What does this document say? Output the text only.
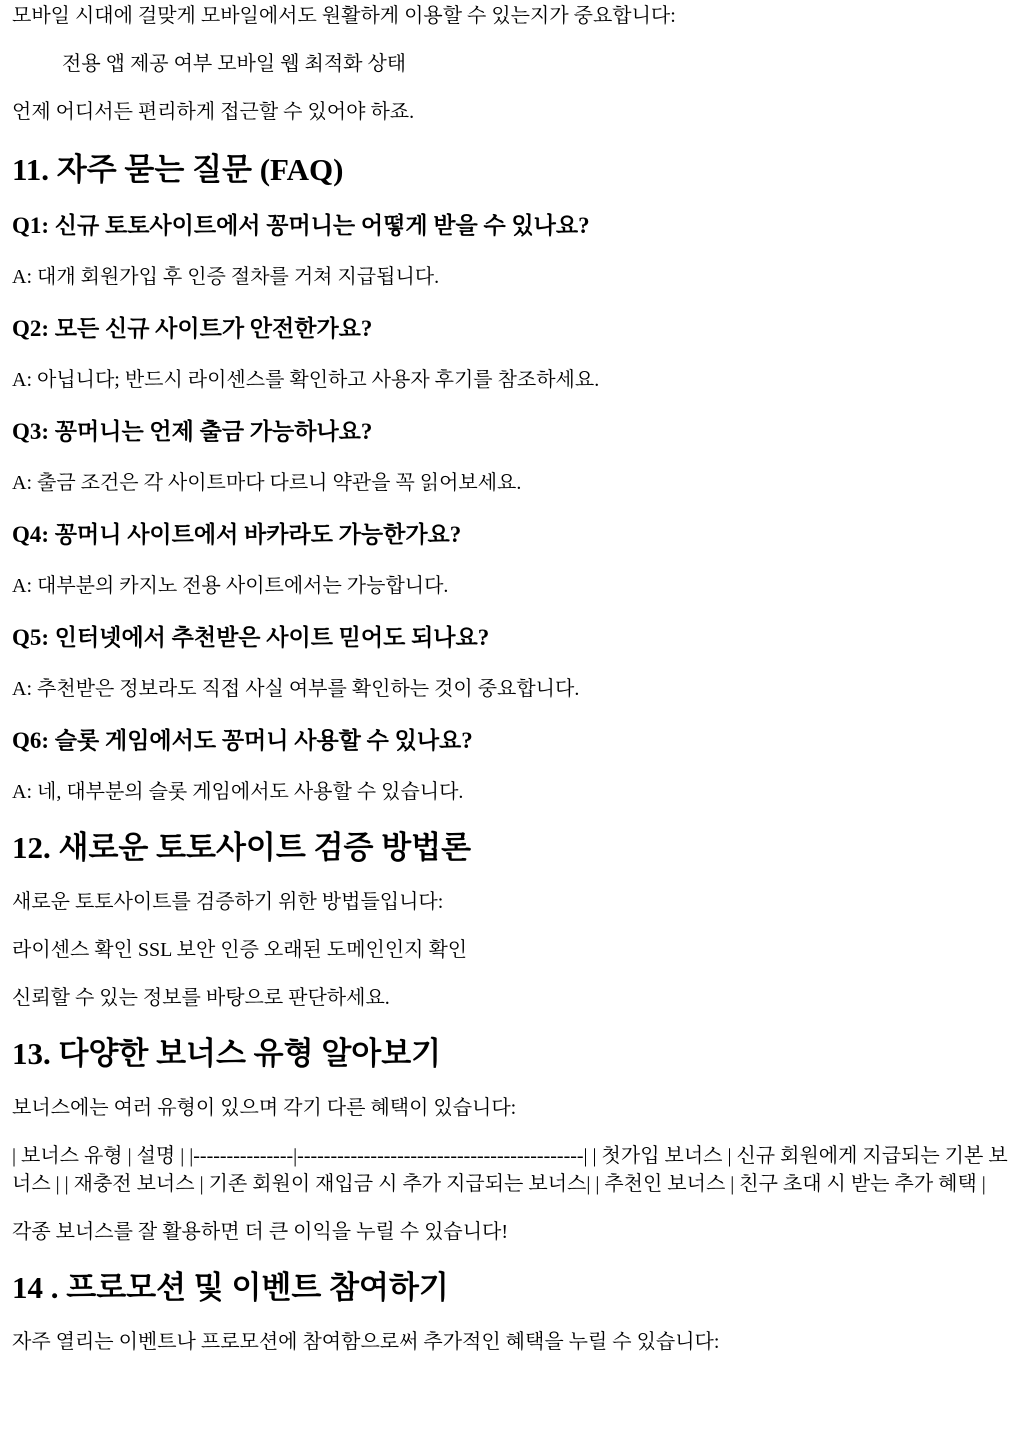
모바일 시대에 걸맞게 모바일에서도 원활하게 이용할 수 있는지가 중요합니다:

전용 앱 제공 여부 모바일 웹 최적화 상태

언제 어디서든 편리하게 접근할 수 있어야 하죠.

11. 자주 묻는 질문 (FAQ)
Q1: 신규 토토사이트에서 꽁머니는 어떻게 받을 수 있나요?

A: 대개 회원가입 후 인증 절차를 거쳐 지급됩니다.

Q2: 모든 신규 사이트가 안전한가요?

A: 아닙니다; 반드시 라이센스를 확인하고 사용자 후기를 참조하세요.

Q3: 꽁머니는 언제 출금 가능하나요?

A: 출금 조건은 각 사이트마다 다르니 약관을 꼭 읽어보세요.

Q4: 꽁머니 사이트에서 바카라도 가능한가요?

A: 대부분의 카지노 전용 사이트에서는 가능합니다.

Q5: 인터넷에서 추천받은 사이트 믿어도 되나요?

A: 추천받은 정보라도 직접 사실 여부를 확인하는 것이 중요합니다.

Q6: 슬롯 게임에서도 꽁머니 사용할 수 있나요?

A: 네, 대부분의 슬롯 게임에서도 사용할 수 있습니다.

12. 새로운 토토사이트 검증 방법론

새로운 토토사이트를 검증하기 위한 방법들입니다:

라이센스 확인 SSL 보안 인증 오래된 도메인인지 확인

신뢰할 수 있는 정보를 바탕으로 판단하세요.

13. 다양한 보너스 유형 알아보기

보너스에는 여러 유형이 있으며 각기 다른 혜택이 있습니다:

| 보너스 유형 | 설명 | |---------------|-------------------------------------------| | 첫가입 보너스 | 신규 회원에게 지급되는 기본 보너스 | | 재충전 보너스 | 기존 회원이 재입금 시 추가 지급되는 보너스| | 추천인 보너스 | 친구 초대 시 받는 추가 혜택 |

각종 보너스를 잘 활용하면 더 큰 이익을 누릴 수 있습니다!

14 . 프로모션 및 이벤트 참여하기

자주 열리는 이벤트나 프로모션에 참여함으로써 추가적인 혜택을 누릴 수 있습니다:
